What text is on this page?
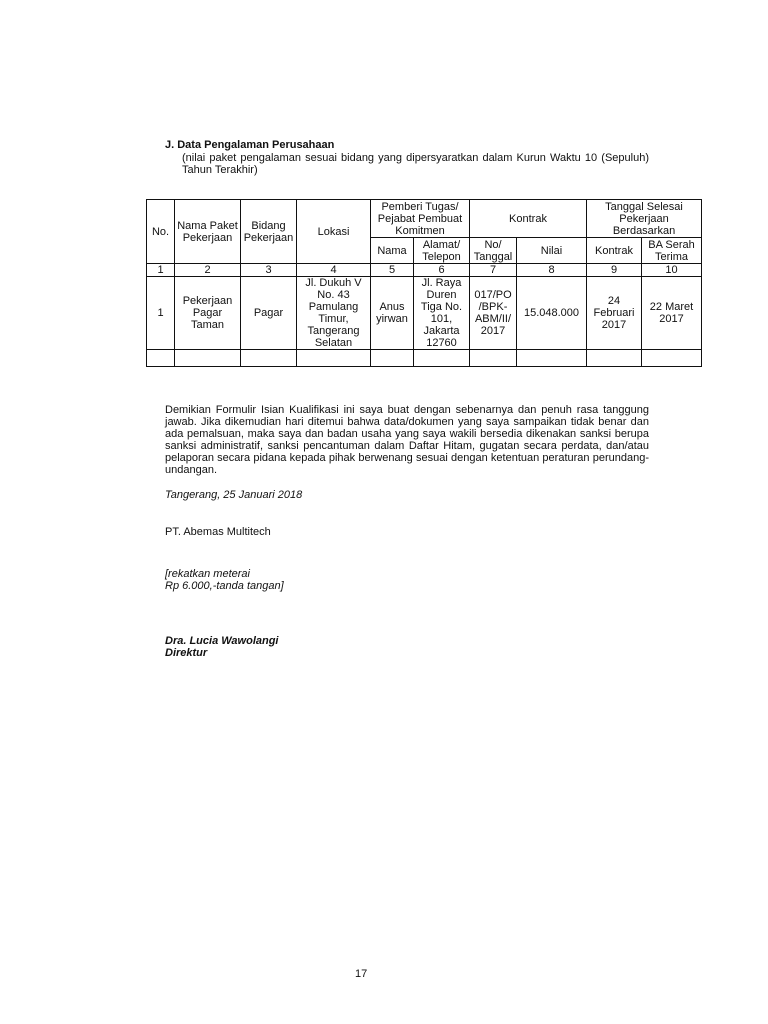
J. Data Pengalaman Perusahaan
(nilai paket pengalaman sesuai bidang yang dipersyaratkan dalam Kurun Waktu 10 (Sepuluh) Tahun Terakhir)
No.	Nama Paket Pekerjaan	Bidang Pekerjaan	Lokasi	Pemberi Tugas/ Pejabat Pembuat Komitmen		Kontrak		Tanggal Selesai Pekerjaan Berdasarkan	
				Nama	Alamat/ Telepon	No/ Tanggal	Nilai	Kontrak	BA Serah Terima
1	2	3	4	5	6	7	8	9	10
1	Pekerjaan Pagar Taman	Pagar	Jl. Dukuh V No. 43 Pamulang Timur, Tangerang Selatan	Anus yirwan	Jl. Raya Duren Tiga No. 101, Jakarta 12760	017/PO /BPK-ABM/II/ 2017	15.048.000	24 Februari 2017	22 Maret 2017

Demikian Formulir Isian Kualifikasi ini saya buat dengan sebenarnya dan penuh rasa tanggung jawab. Jika dikemudian hari ditemui bahwa data/dokumen yang saya sampaikan tidak benar dan ada pemalsuan, maka saya dan badan usaha yang saya wakili bersedia dikenakan sanksi berupa sanksi administratif, sanksi pencantuman dalam Daftar Hitam, gugatan secara perdata, dan/atau pelaporan secara pidana kepada pihak berwenang sesuai dengan ketentuan peraturan perundang-undangan.
Tangerang, 25 Januari 2018
PT. Abemas Multitech
[rekatkan meterai
Rp 6.000,-tanda tangan]
Dra. Lucia Wawolangi
Direktur
17
